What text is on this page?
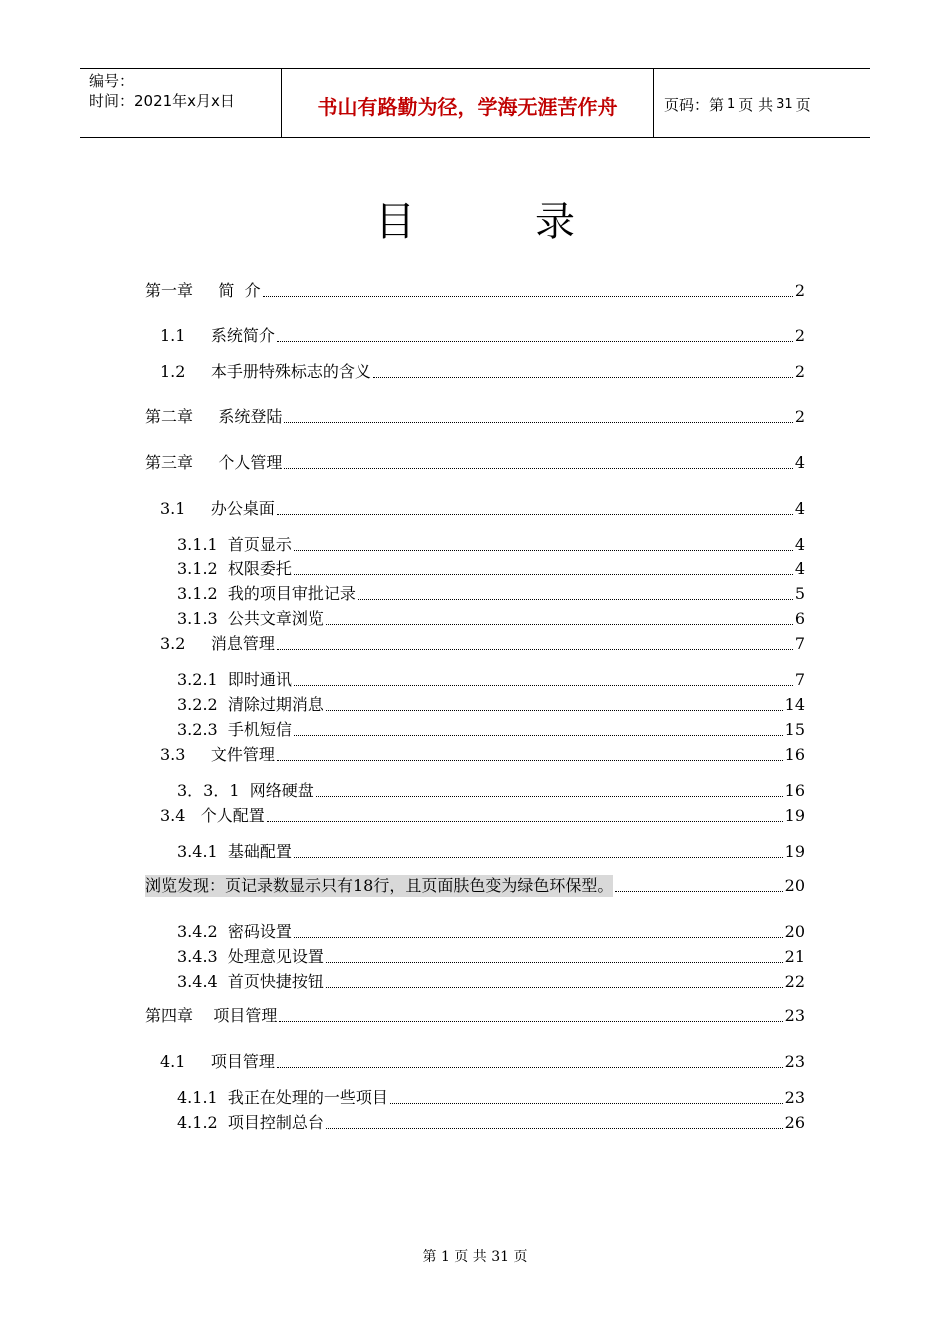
编号：
时间：2021年x月x日	书山有路勤为径，学海无涯苦作舟	页码：第 1 页 共 31 页
目录
第一章     简  介	2
1.1     系统简介	2
1.2     本手册特殊标志的含义	2
第二章     系统登陆	2
第三章     个人管理	4
3.1     办公桌面	4
3.1.1  首页显示	4
3.1.2  权限委托	4
3.1.2  我的项目审批记录	5
3.1.3  公共文章浏览	6
3.2     消息管理	7
3.2.1  即时通讯	7
3.2.2  清除过期消息	14
3.2.3  手机短信	15
3.3     文件管理	16
3．3．1  网络硬盘	16
3.4   个人配置	19
3.4.1  基础配置	19
浏览发现：页记录数显示只有18行，且页面肤色变为绿色环保型。	20
3.4.2  密码设置	20
3.4.3  处理意见设置	21
3.4.4  首页快捷按钮	22
第四章    项目管理	23
4.1     项目管理	23
4.1.1  我正在处理的一些项目	23
4.1.2  项目控制总台	26
第 1 页 共 31 页
